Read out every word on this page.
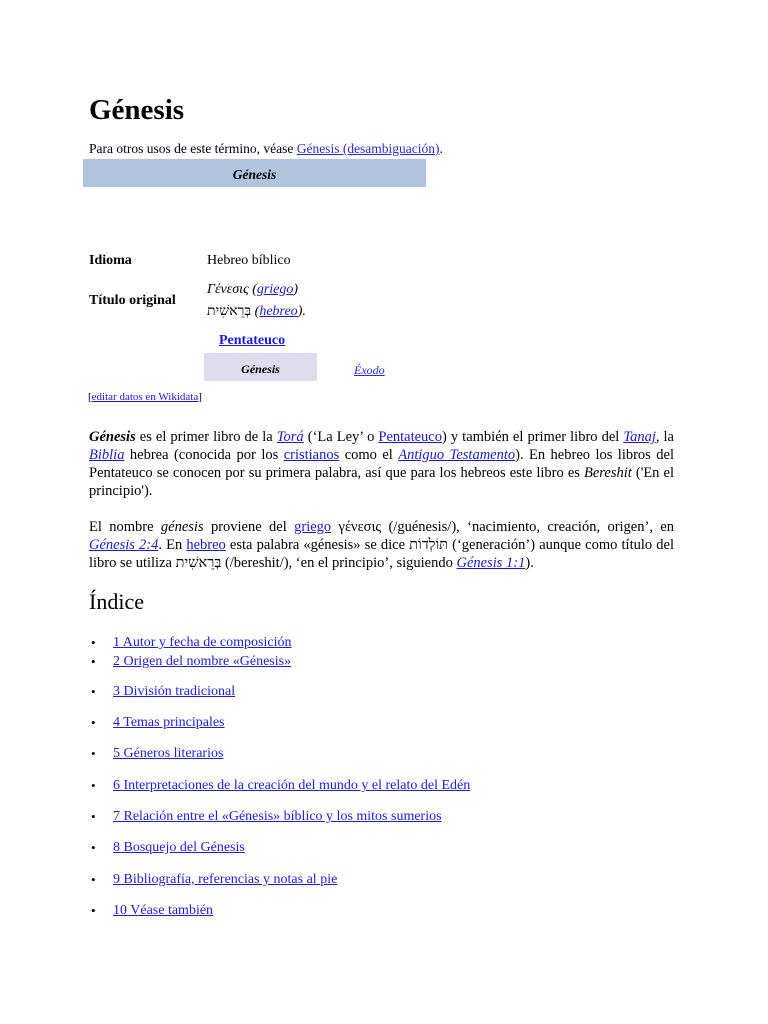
Génesis
Para otros usos de este término, véase Génesis (desambiguación).
Génesis
Idioma	Hebreo bíblico
Título original
Γένεσις (griego)
בְּרֵאשִׁית (hebreo).
Pentateuco
Génesis	Éxodo
[editar datos en Wikidata]
Génesis es el primer libro de la Torá (‘La Ley’ o Pentateuco) y también el primer libro del Tanaj, la Biblia hebrea (conocida por los cristianos como el Antiguo Testamento). En hebreo los libros del Pentateuco se conocen por su primera palabra, así que para los hebreos este libro es Bereshit ('En el principio').
El nombre génesis proviene del griego γένεσις (/guénesis/), ‘nacimiento, creación, origen’, en Génesis 2:4. En hebreo esta palabra «génesis» se dice תּוֹלְדוֹת (‘generación’) aunque como título del libro se utiliza בְּרֵאשִׁית (/bereshit/), ‘en el principio’, siguiendo Génesis 1:1).
Índice
• 1 Autor y fecha de composición
• 2 Origen del nombre «Génesis»
• 3 División tradicional
• 4 Temas principales
• 5 Géneros literarios
• 6 Interpretaciones de la creación del mundo y el relato del Edén
• 7 Relación entre el «Génesis» bíblico y los mitos sumerios
• 8 Bosquejo del Génesis
• 9 Bibliografía, referencias y notas al pie
• 10 Véase también
